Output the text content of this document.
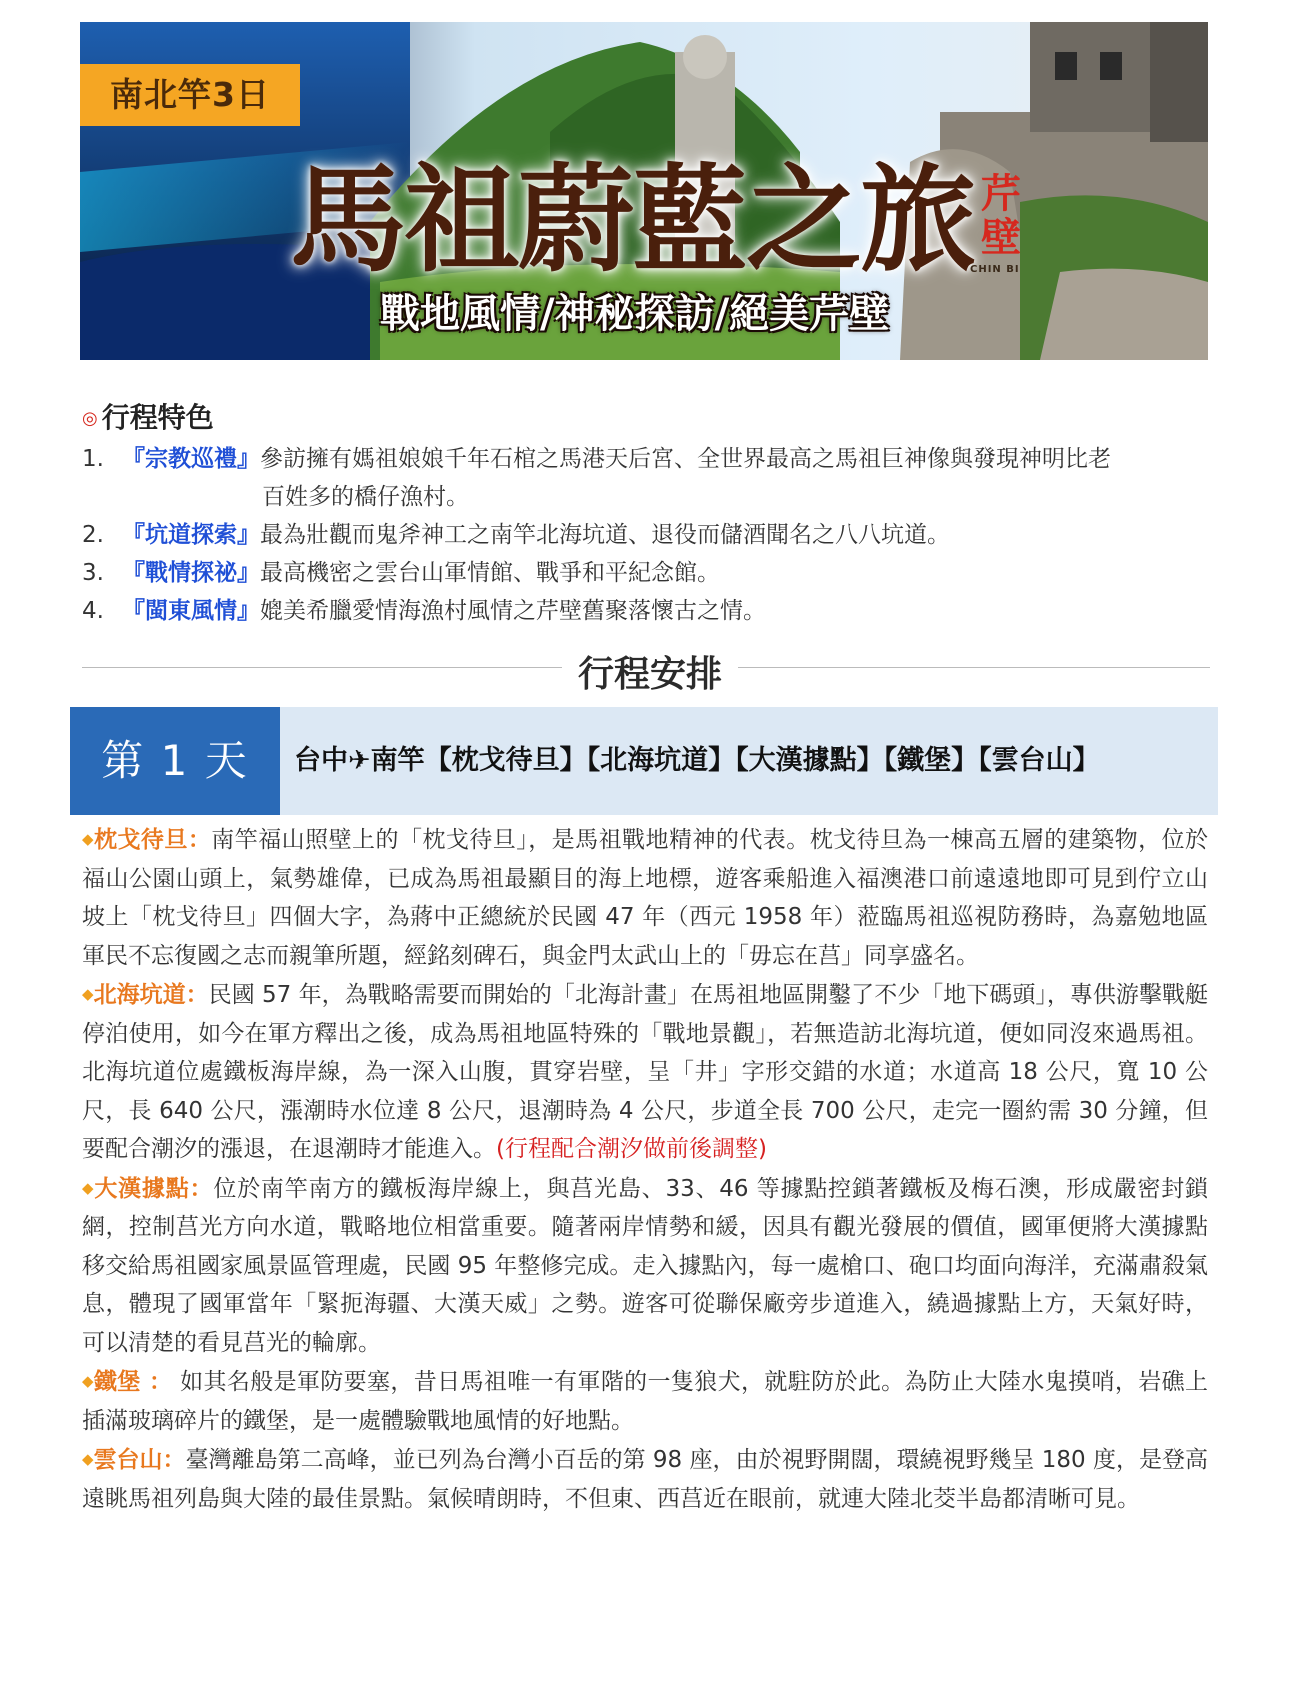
南北竿3日
馬祖蔚藍之旅
戰地風情/神秘探訪/絕美芹壁
芹壁
CHIN BI
◎ 行程特色
1. 『宗教巡禮』參訪擁有媽祖娘娘千年石棺之馬港天后宮、全世界最高之馬祖巨神像與發現神明比老
百姓多的橋仔漁村。
2. 『坑道探索』最為壯觀而鬼斧神工之南竿北海坑道、退役而儲酒聞名之八八坑道。
3. 『戰情探祕』最高機密之雲台山軍情館、戰爭和平紀念館。
4. 『閩東風情』媲美希臘愛情海漁村風情之芹壁舊聚落懷古之情。
行程安排
第 1 天	台中✈南竿【枕戈待旦】【北海坑道】【大漢據點】【鐵堡】【雲台山】

◆枕戈待旦：南竿福山照壁上的「枕戈待旦」，是馬祖戰地精神的代表。枕戈待旦為一棟高五層的建築物，位於福山公園山頭上，氣勢雄偉，已成為馬祖最顯目的海上地標，遊客乘船進入福澳港口前遠遠地即可見到佇立山坡上「枕戈待旦」四個大字，為蔣中正總統於民國 47 年（西元 1958 年）蒞臨馬祖巡視防務時，為嘉勉地區軍民不忘復國之志而親筆所題，經銘刻碑石，與金門太武山上的「毋忘在莒」同享盛名。

◆北海坑道：民國 57 年，為戰略需要而開始的「北海計畫」在馬祖地區開鑿了不少「地下碼頭」，專供游擊戰艇停泊使用，如今在軍方釋出之後，成為馬祖地區特殊的「戰地景觀」，若無造訪北海坑道，便如同沒來過馬祖。北海坑道位處鐵板海岸線，為一深入山腹，貫穿岩壁，呈「井」字形交錯的水道；水道高 18 公尺，寬 10 公尺，長 640 公尺，漲潮時水位達 8 公尺，退潮時為 4 公尺，步道全長 700 公尺，走完一圈約需 30 分鐘，但要配合潮汐的漲退，在退潮時才能進入。(行程配合潮汐做前後調整)

◆大漢據點：位於南竿南方的鐵板海岸線上，與莒光島、33、46 等據點控鎖著鐵板及梅石澳，形成嚴密封鎖網，控制莒光方向水道，戰略地位相當重要。隨著兩岸情勢和緩，因具有觀光發展的價值，國軍便將大漢據點移交給馬祖國家風景區管理處，民國 95 年整修完成。走入據點內，每一處槍口、砲口均面向海洋，充滿肅殺氣息，體現了國軍當年「緊扼海疆、大漢天威」之勢。遊客可從聯保廠旁步道進入，繞過據點上方，天氣好時，可以清楚的看見莒光的輪廓。

◆鐵堡 ： 如其名般是軍防要塞，昔日馬祖唯一有軍階的一隻狼犬，就駐防於此。為防止大陸水鬼摸哨，岩礁上插滿玻璃碎片的鐵堡，是一處體驗戰地風情的好地點。

◆雲台山：臺灣離島第二高峰，並已列為台灣小百岳的第 98 座，由於視野開闊，環繞視野幾呈 180 度，是登高遠眺馬祖列島與大陸的最佳景點。氣候晴朗時，不但東、西莒近在眼前，就連大陸北茭半島都清晰可見。
